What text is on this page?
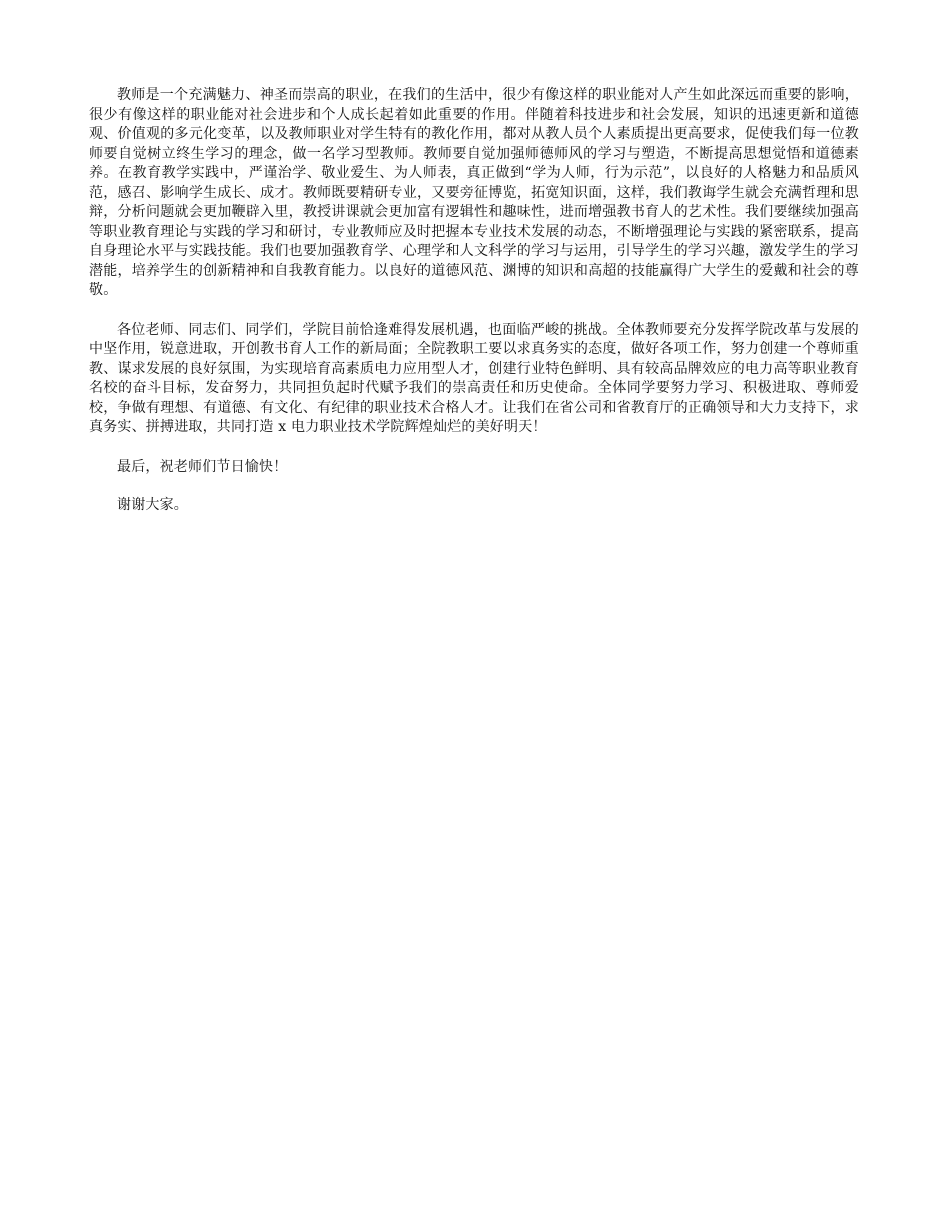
教师是一个充满魅力、神圣而崇高的职业，在我们的生活中，很少有像这样的职业能对人产生如此深远而重要的影响，很少有像这样的职业能对社会进步和个人成长起着如此重要的作用。伴随着科技进步和社会发展，知识的迅速更新和道德观、价值观的多元化变革，以及教师职业对学生特有的教化作用，都对从教人员个人素质提出更高要求，促使我们每一位教师要自觉树立终生学习的理念，做一名学习型教师。教师要自觉加强师德师风的学习与塑造，不断提高思想觉悟和道德素养。在教育教学实践中，严谨治学、敬业爱生、为人师表，真正做到“学为人师，行为示范”，以良好的人格魅力和品质风范，感召、影响学生成长、成才。教师既要精研专业，又要旁征博览，拓宽知识面，这样，我们教诲学生就会充满哲理和思辩，分析问题就会更加鞭辟入里，教授讲课就会更加富有逻辑性和趣味性，进而增强教书育人的艺术性。我们要继续加强高等职业教育理论与实践的学习和研讨，专业教师应及时把握本专业技术发展的动态，不断增强理论与实践的紧密联系，提高自身理论水平与实践技能。我们也要加强教育学、心理学和人文科学的学习与运用，引导学生的学习兴趣，激发学生的学习潜能，培养学生的创新精神和自我教育能力。以良好的道德风范、渊博的知识和高超的技能赢得广大学生的爱戴和社会的尊敬。

各位老师、同志们、同学们，学院目前恰逢难得发展机遇，也面临严峻的挑战。全体教师要充分发挥学院改革与发展的中坚作用，锐意进取，开创教书育人工作的新局面；全院教职工要以求真务实的态度，做好各项工作，努力创建一个尊师重教、谋求发展的良好氛围，为实现培育高素质电力应用型人才，创建行业特色鲜明、具有较高品牌效应的电力高等职业教育名校的奋斗目标，发奋努力，共同担负起时代赋予我们的崇高责任和历史使命。全体同学要努力学习、积极进取、尊师爱校，争做有理想、有道德、有文化、有纪律的职业技术合格人才。让我们在省公司和省教育厅的正确领导和大力支持下，求真务实、拼搏进取，共同打造 x 电力职业技术学院辉煌灿烂的美好明天！

最后，祝老师们节日愉快！

谢谢大家。
